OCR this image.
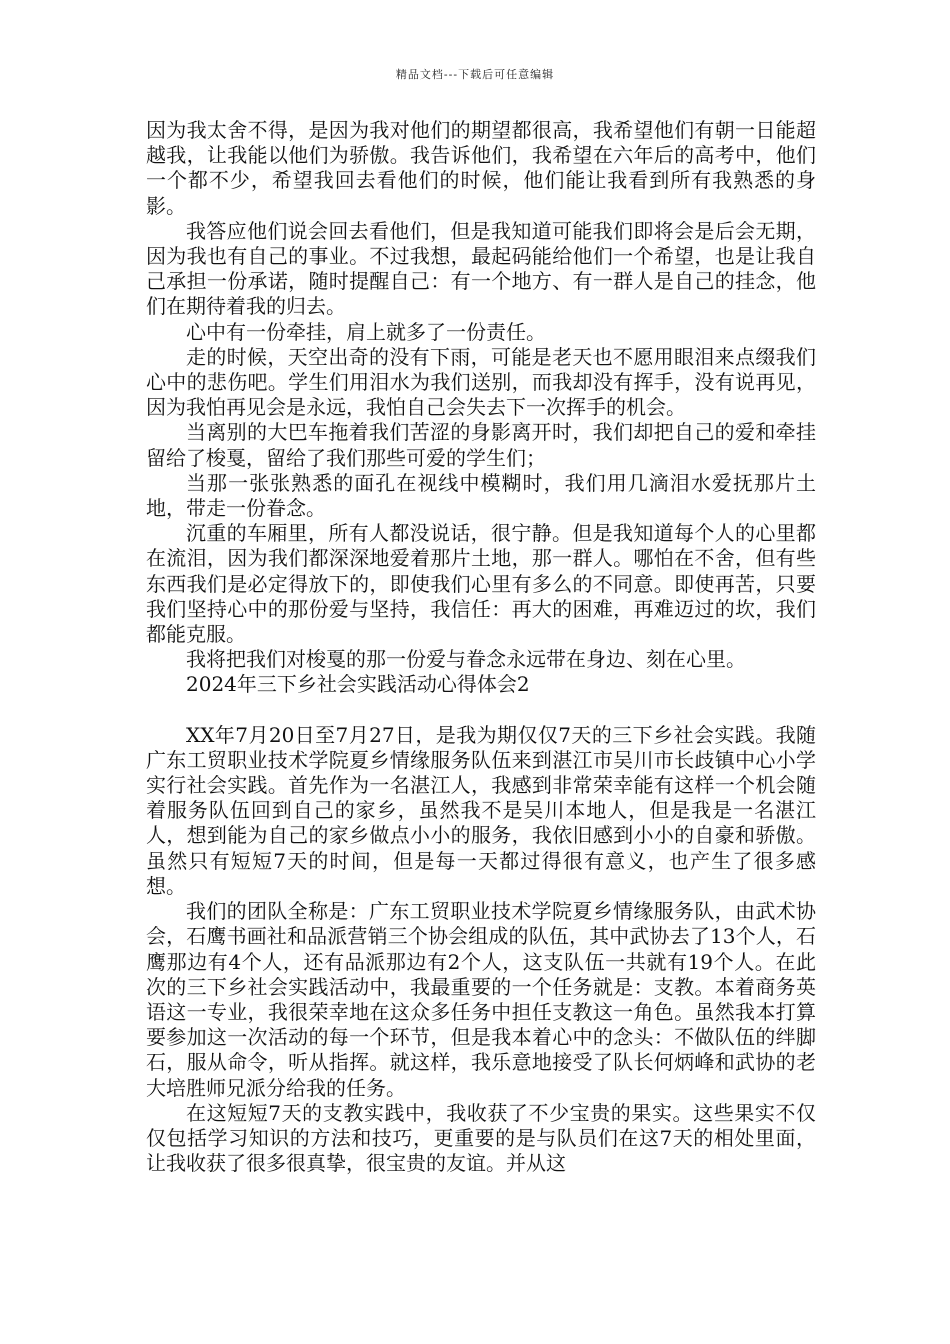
精品文档---下载后可任意编辑

因为我太舍不得，是因为我对他们的期望都很高，我希望他们有朝一日能超越我，让我能以他们为骄傲。我告诉他们，我希望在六年后的高考中，他们一个都不少，希望我回去看他们的时候，他们能让我看到所有我熟悉的身影。

我答应他们说会回去看他们，但是我知道可能我们即将会是后会无期，因为我也有自己的事业。不过我想，最起码能给他们一个希望，也是让我自己承担一份承诺，随时提醒自己：有一个地方、有一群人是自己的挂念，他们在期待着我的归去。

心中有一份牵挂，肩上就多了一份责任。

走的时候，天空出奇的没有下雨，可能是老天也不愿用眼泪来点缀我们心中的悲伤吧。学生们用泪水为我们送别，而我却没有挥手，没有说再见，因为我怕再见会是永远，我怕自己会失去下一次挥手的机会。

当离别的大巴车拖着我们苦涩的身影离开时，我们却把自己的爱和牵挂留给了梭戛，留给了我们那些可爱的学生们；

当那一张张熟悉的面孔在视线中模糊时，我们用几滴泪水爱抚那片土地，带走一份眷念。

沉重的车厢里，所有人都没说话，很宁静。但是我知道每个人的心里都在流泪，因为我们都深深地爱着那片土地，那一群人。哪怕在不舍，但有些东西我们是必定得放下的，即使我们心里有多么的不同意。即使再苦，只要我们坚持心中的那份爱与坚持，我信任：再大的困难，再难迈过的坎，我们都能克服。

我将把我们对梭戛的那一份爱与眷念永远带在身边、刻在心里。

2024年三下乡社会实践活动心得体会2

XX年7月20日至7月27日，是我为期仅仅7天的三下乡社会实践。我随广东工贸职业技术学院夏乡情缘服务队伍来到湛江市吴川市长歧镇中心小学实行社会实践。首先作为一名湛江人，我感到非常荣幸能有这样一个机会随着服务队伍回到自己的家乡，虽然我不是吴川本地人，但是我是一名湛江人，想到能为自己的家乡做点小小的服务，我依旧感到小小的自豪和骄傲。虽然只有短短7天的时间，但是每一天都过得很有意义，也产生了很多感想。

我们的团队全称是：广东工贸职业技术学院夏乡情缘服务队，由武术协会，石鹰书画社和品派营销三个协会组成的队伍，其中武协去了13个人，石鹰那边有4个人，还有品派那边有2个人，这支队伍一共就有19个人。在此次的三下乡社会实践活动中，我最重要的一个任务就是：支教。本着商务英语这一专业，我很荣幸地在这众多任务中担任支教这一角色。虽然我本打算要参加这一次活动的每一个环节，但是我本着心中的念头：不做队伍的绊脚石，服从命令，听从指挥。就这样，我乐意地接受了队长何炳峰和武协的老大培胜师兄派分给我的任务。

在这短短7天的支教实践中，我收获了不少宝贵的果实。这些果实不仅仅包括学习知识的方法和技巧，更重要的是与队员们在这7天的相处里面，让我收获了很多很真挚，很宝贵的友谊。并从这
